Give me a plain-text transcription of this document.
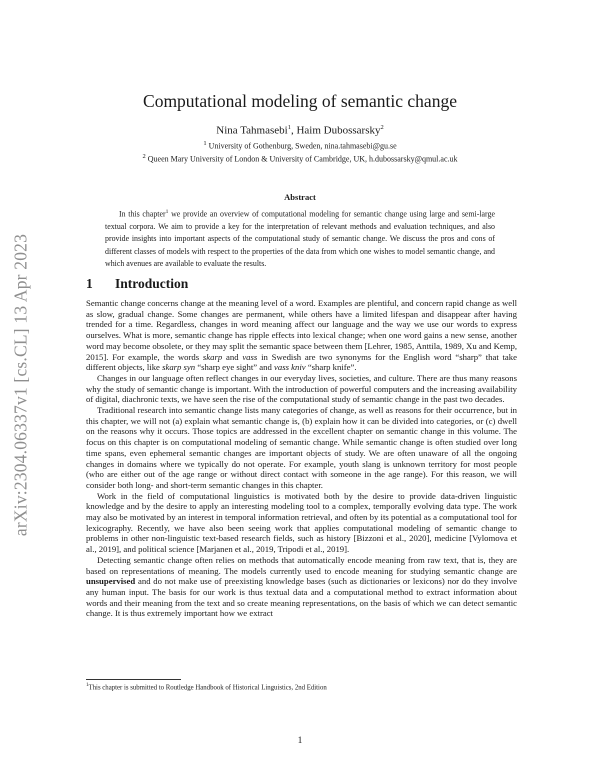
arXiv:2304.06337v1 [cs.CL] 13 Apr 2023
Computational modeling of semantic change
Nina Tahmasebi$^1$, Haim Dubossarsky$^2$
$^1$ University of Gothenburg, Sweden, nina.tahmasebi@gu.se
$^2$ Queen Mary University of London & University of Cambridge, UK, h.dubossarsky@qmul.ac.uk
Abstract
In this chapter$^1$ we provide an overview of computational modeling for semantic change using large and semi-large textual corpora. We aim to provide a key for the interpretation of relevant methods and evaluation techniques, and also provide insights into important aspects of the computational study of semantic change. We discuss the pros and cons of different classes of models with respect to the properties of the data from which one wishes to model semantic change, and which avenues are available to evaluate the results.
1 Introduction

Semantic change concerns change at the meaning level of a word. Examples are plentiful, and concern rapid change as well as slow, gradual change. Some changes are permanent, while others have a limited lifespan and disappear after having trended for a time. Regardless, changes in word meaning affect our language and the way we use our words to express ourselves. What is more, semantic change has ripple effects into lexical change; when one word gains a new sense, another word may become obsolete, or they may split the semantic space between them [Lehrer, 1985, Anttila, 1989, Xu and Kemp, 2015]. For example, the words skarp and vass in Swedish are two synonyms for the English word “sharp” that take different objects, like skarp syn “sharp eye sight” and vass kniv “sharp knife”.

Changes in our language often reflect changes in our everyday lives, societies, and culture. There are thus many reasons why the study of semantic change is important. With the introduction of powerful computers and the increasing availability of digital, diachronic texts, we have seen the rise of the computational study of semantic change in the past two decades.

Traditional research into semantic change lists many categories of change, as well as reasons for their occurrence, but in this chapter, we will not (a) explain what semantic change is, (b) explain how it can be divided into categories, or (c) dwell on the reasons why it occurs. Those topics are addressed in the excellent chapter on semantic change in this volume. The focus on this chapter is on computational modeling of semantic change. While semantic change is often studied over long time spans, even ephemeral semantic changes are important objects of study. We are often unaware of all the ongoing changes in domains where we typically do not operate. For example, youth slang is unknown territory for most people (who are either out of the age range or without direct contact with someone in the age range). For this reason, we will consider both long- and short-term semantic changes in this chapter.

Work in the field of computational linguistics is motivated both by the desire to provide data-driven linguistic knowledge and by the desire to apply an interesting modeling tool to a complex, temporally evolving data type. The work may also be motivated by an interest in temporal information retrieval, and often by its potential as a computational tool for lexicography. Recently, we have also been seeing work that applies computational modeling of semantic change to problems in other non-linguistic text-based research fields, such as history [Bizzoni et al., 2020], medicine [Vylomova et al., 2019], and political science [Marjanen et al., 2019, Tripodi et al., 2019].

Detecting semantic change often relies on methods that automatically encode meaning from raw text, that is, they are based on representations of meaning. The models currently used to encode meaning for studying semantic change are unsupervised and do not make use of preexisting knowledge bases (such as dictionaries or lexicons) nor do they involve any human input. The basis for our work is thus textual data and a computational method to extract information about words and their meaning from the text and so create meaning representations, on the basis of which we can detect semantic change. It is thus extremely important how we extract

$^1$This chapter is submitted to Routledge Handbook of Historical Linguistics, 2nd Edition
1
